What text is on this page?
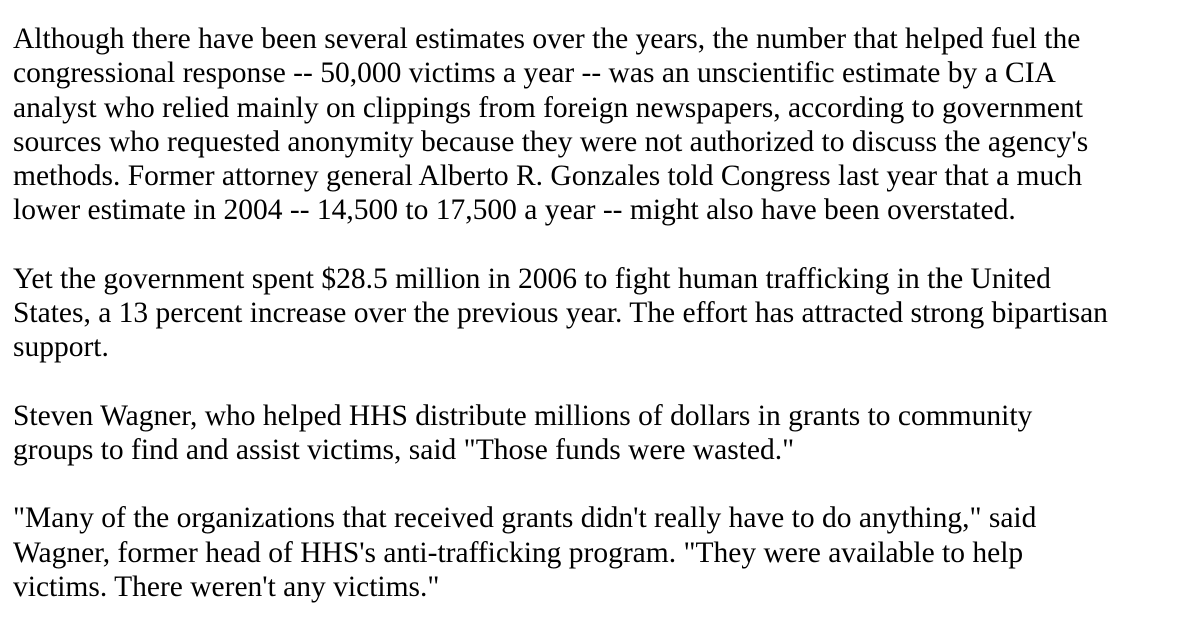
Although there have been several estimates over the years, the number that helped fuel the
congressional response -- 50,000 victims a year -- was an unscientific estimate by a CIA
analyst who relied mainly on clippings from foreign newspapers, according to government
sources who requested anonymity because they were not authorized to discuss the agency's
methods. Former attorney general Alberto R. Gonzales told Congress last year that a much
lower estimate in 2004 -- 14,500 to 17,500 a year -- might also have been overstated.

Yet the government spent $28.5 million in 2006 to fight human trafficking in the United
States, a 13 percent increase over the previous year. The effort has attracted strong bipartisan
support.

Steven Wagner, who helped HHS distribute millions of dollars in grants to community
groups to find and assist victims, said "Those funds were wasted."

"Many of the organizations that received grants didn't really have to do anything," said
Wagner, former head of HHS's anti-trafficking program. "They were available to help
victims. There weren't any victims."
